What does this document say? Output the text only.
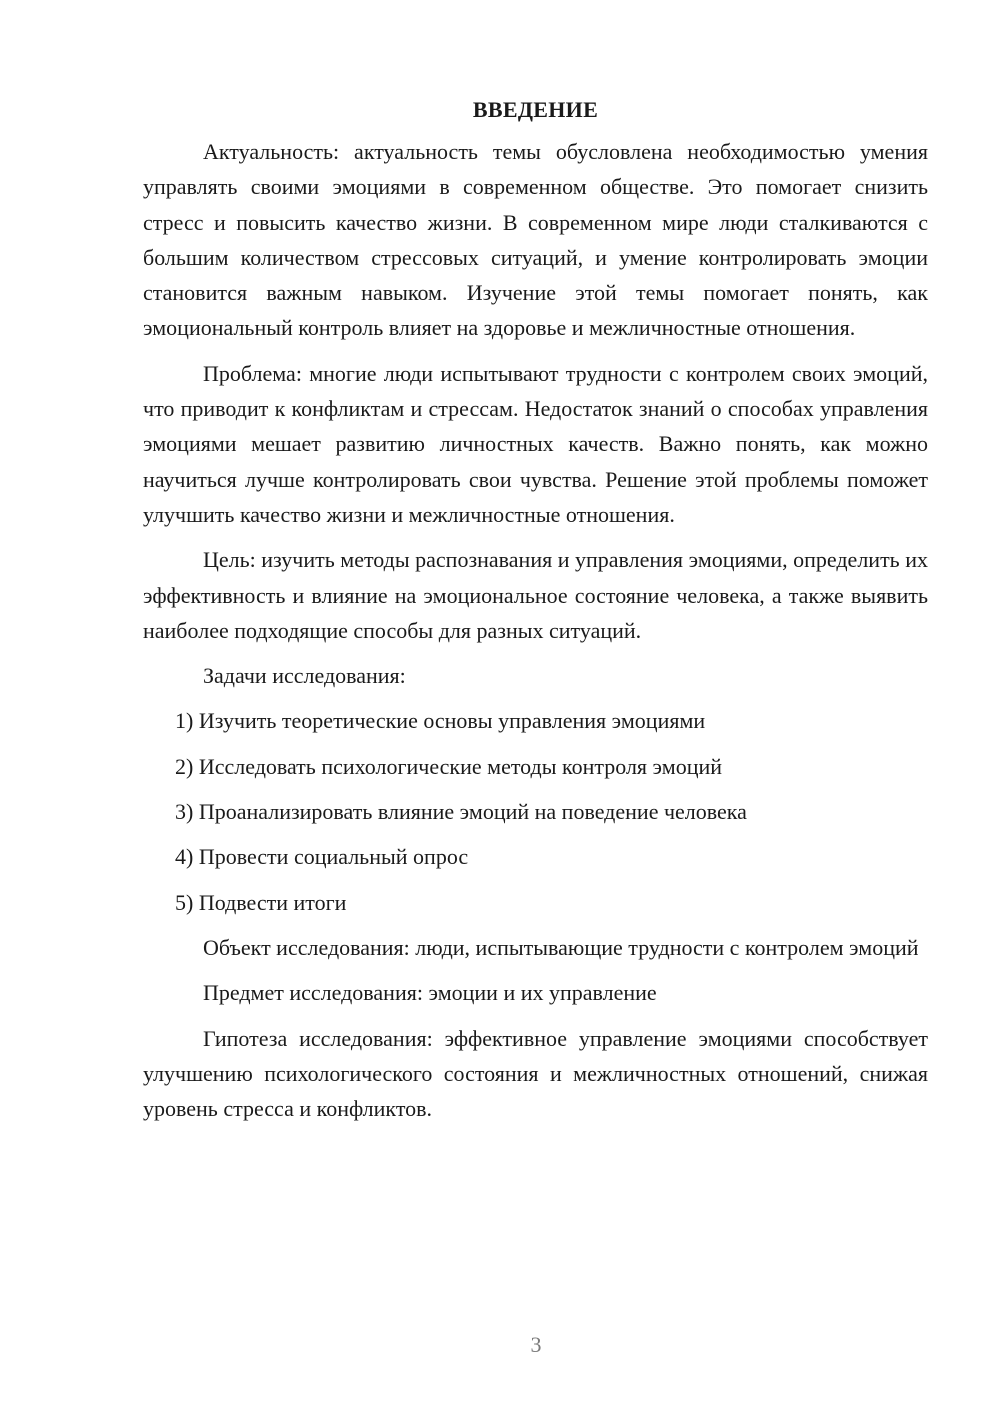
ВВЕДЕНИЕ

Актуальность: актуальность темы обусловлена необходимостью умения управлять своими эмоциями в современном обществе. Это помогает снизить стресс и повысить качество жизни. В современном мире люди сталкиваются с большим количеством стрессовых ситуаций, и умение контролировать эмоции становится важным навыком. Изучение этой темы помогает понять, как эмоциональный контроль влияет на здоровье и межличностные отношения.

Проблема: многие люди испытывают трудности с контролем своих эмоций, что приводит к конфликтам и стрессам. Недостаток знаний о способах управления эмоциями мешает развитию личностных качеств. Важно понять, как можно научиться лучше контролировать свои чувства. Решение этой проблемы поможет улучшить качество жизни и межличностные отношения.

Цель: изучить методы распознавания и управления эмоциями, определить их эффективность и влияние на эмоциональное состояние человека, а также выявить наиболее подходящие способы для разных ситуаций.

Задачи исследования:
1) Изучить теоретические основы управления эмоциями
2) Исследовать психологические методы контроля эмоций
3) Проанализировать влияние эмоций на поведение человека
4) Провести социальный опрос
5) Подвести итоги

Объект исследования: люди, испытывающие трудности с контролем эмоций

Предмет исследования: эмоции и их управление

Гипотеза исследования: эффективное управление эмоциями способствует улучшению психологического состояния и межличностных отношений, снижая уровень стресса и конфликтов.

3
